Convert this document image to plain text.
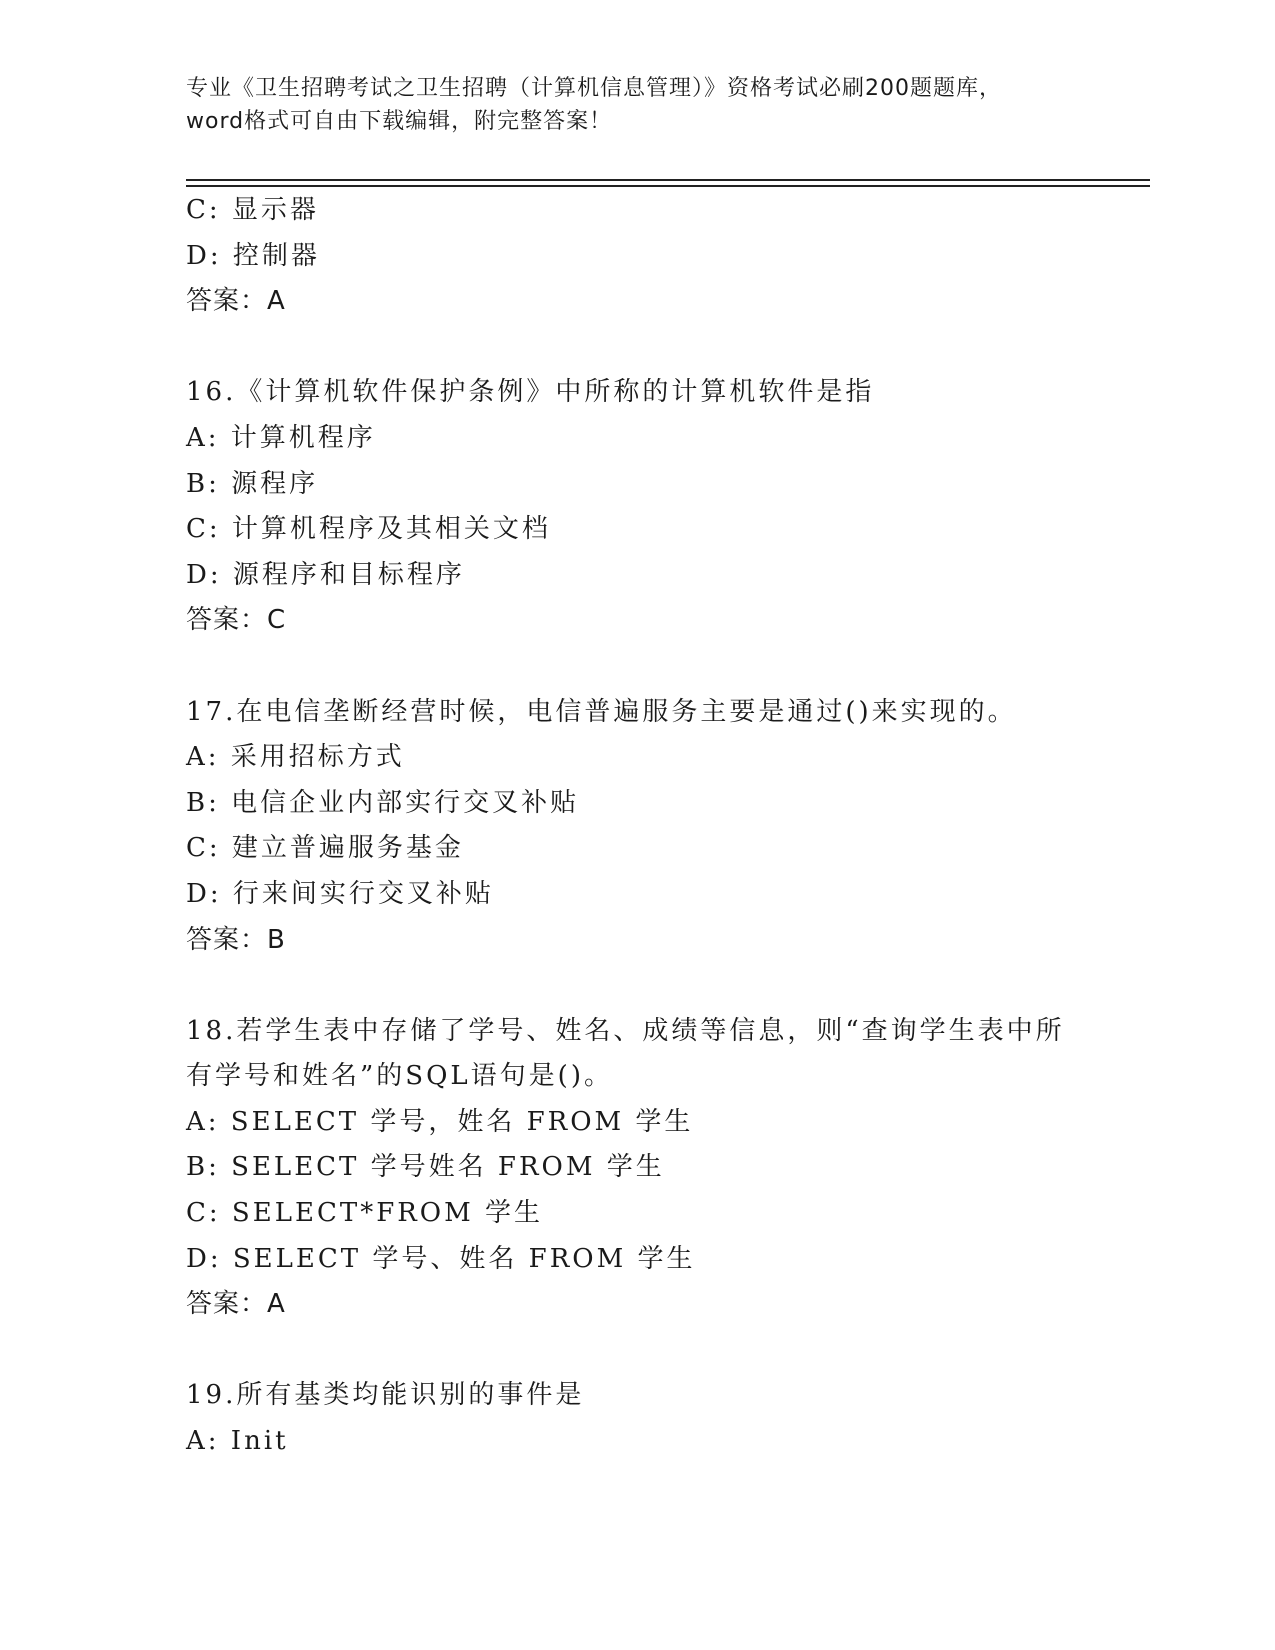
专业《卫生招聘考试之卫生招聘（计算机信息管理）》资格考试必刷200题题库，
word格式可自由下载编辑，附完整答案！
C: 显示器
D: 控制器
答案：A
16.《计算机软件保护条例》中所称的计算机软件是指
A: 计算机程序
B: 源程序
C: 计算机程序及其相关文档
D: 源程序和目标程序
答案：C
17.在电信垄断经营时候，电信普遍服务主要是通过()来实现的。
A: 采用招标方式
B: 电信企业内部实行交叉补贴
C: 建立普遍服务基金
D: 行来间实行交叉补贴
答案：B
18.若学生表中存储了学号、姓名、成绩等信息，则“查询学生表中所
有学号和姓名”的SQL语句是()。
A: SELECT 学号，姓名 FROM 学生
B: SELECT 学号姓名 FROM 学生
C: SELECT*FROM 学生
D: SELECT 学号、姓名 FROM 学生
答案：A
19.所有基类均能识别的事件是
A: Init
